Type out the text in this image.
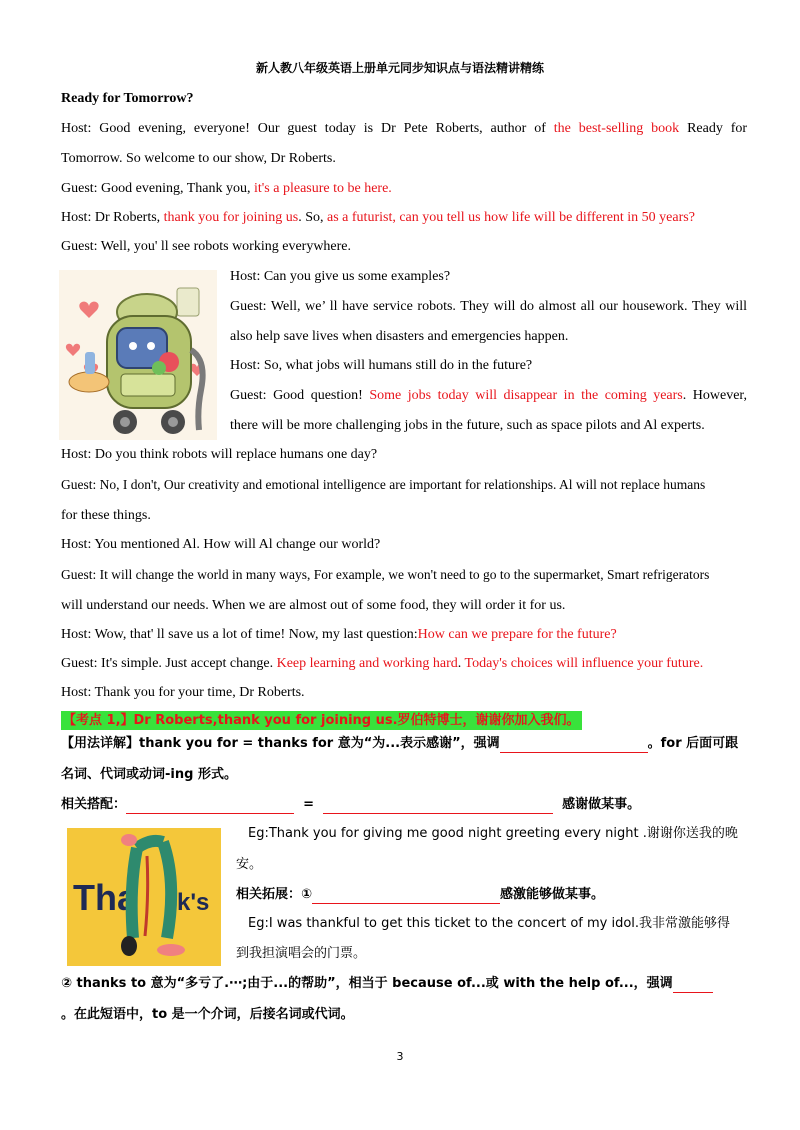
新人教八年级英语上册单元同步知识点与语法精讲精练
Ready for Tomorrow?
Host: Good evening, everyone! Our guest today is Dr Pete Roberts, author of the best-selling book Ready for
Tomorrow. So welcome to our show, Dr Roberts.
Guest: Good evening, Thank you, it's a pleasure to be here.
Host: Dr Roberts, thank you for joining us. So, as a futurist, can you tell us how life will be different in 50 years?
Guest: Well, you' ll see robots working everywhere.
Host: Can you give us some examples?
Guest: Well, we’ ll have service robots. They will do almost all our housework. They will
also help save lives when disasters and emergencies happen.
Host: So, what jobs will humans still do in the future?
Guest: Good question! Some jobs today will disappear in the coming years. However,
there will be more challenging jobs in the future, such as space pilots and Al experts.
Host: Do you think robots will replace humans one day?
Guest: No, I don't, Our creativity and emotional intelligence are important for relationships. Al will not replace humans
for these things.
Host: You mentioned Al. How will Al change our world?
Guest: It will change the world in many ways, For example, we won't need to go to the supermarket, Smart refrigerators
will understand our needs. When we are almost out of some food, they will order it for us.
Host: Wow, that' ll save us a lot of time! Now, my last question:How can we prepare for the future?
Guest: It's simple. Just accept change. Keep learning and working hard. Today's choices will influence your future.
Host: Thank you for your time, Dr Roberts.
【考点 1,】Dr Roberts,thank you for joining us.罗伯特博士，谢谢你加入我们。
【用法详解】thank you for = thanks for 意为“为...表示感谢”，强调	。for 后面可跟
名词、代词或动词-ing 形式。
相关搭配：	=	感谢做某事。
Tha k's
Eg:Thank you for giving me good night greeting every night .谢谢你送我的晚
安。
相关拓展：①	感激能够做某事。
Eg:I was thankful to get this ticket to the concert of my idol.我非常激能够得
到我担演唱会的门票。
② thanks to 意为“多亏了.⋯;由于...的帮助”，相当于 because of...或 with the help of...，强调
。在此短语中，to 是一个介词，后接名词或代词。
3
